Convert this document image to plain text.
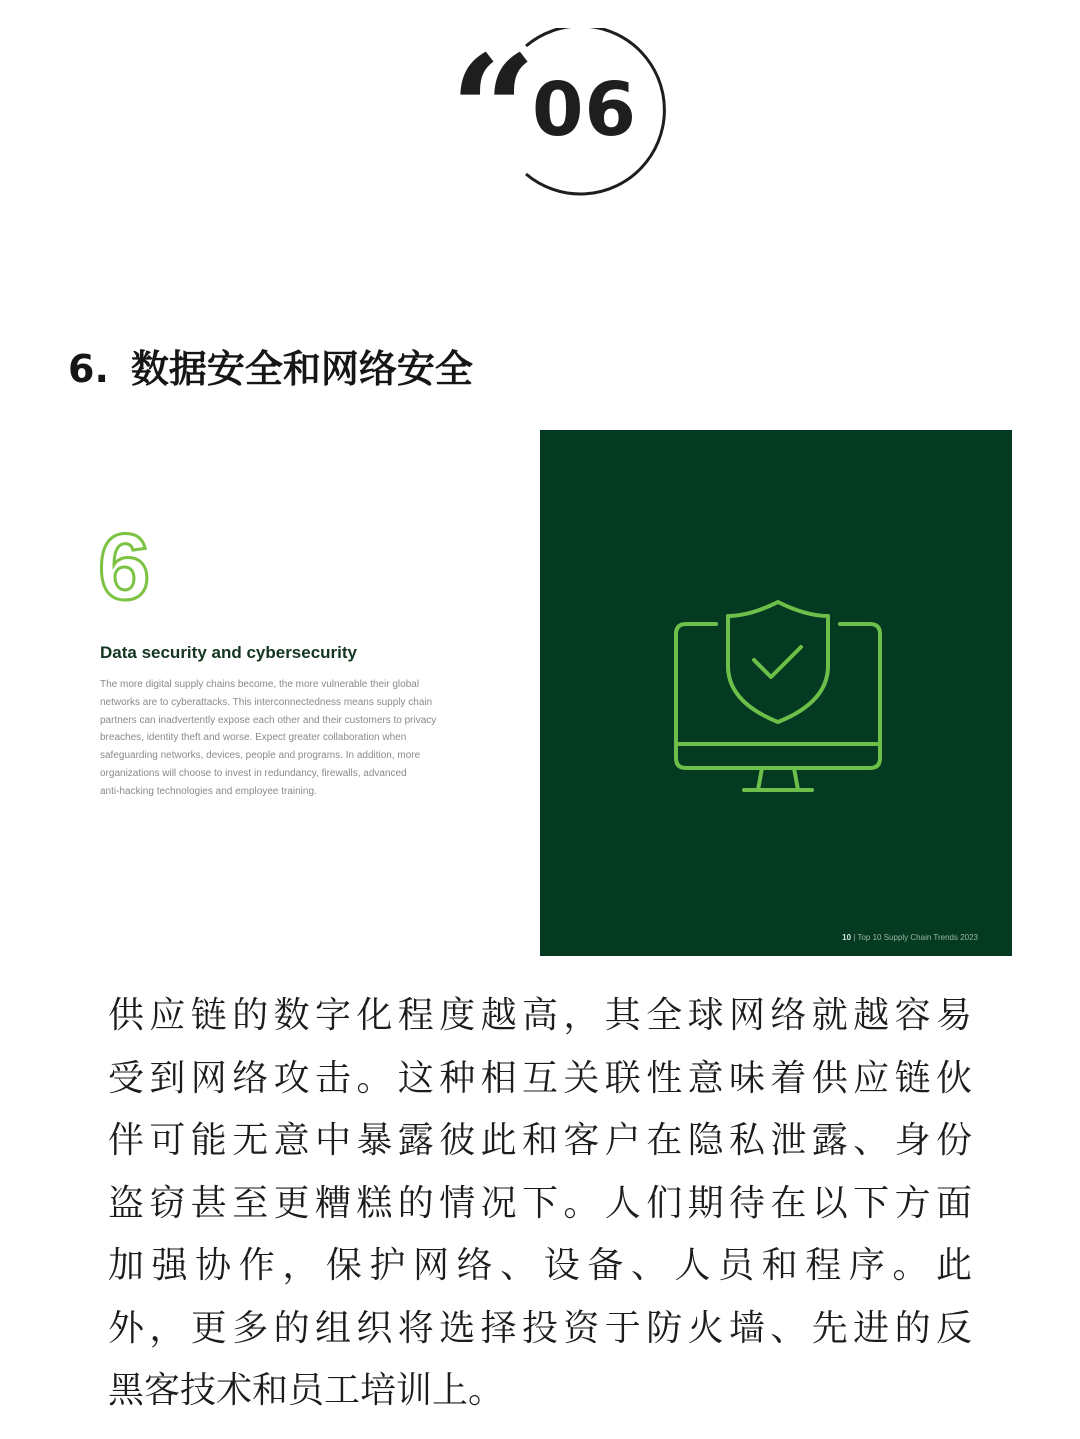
“
06
6. 数据安全和网络安全
6
Data security and cybersecurity
The more digital supply chains become, the more vulnerable their global
networks are to cyberattacks. This interconnectedness means supply chain
partners can inadvertently expose each other and their customers to privacy
breaches, identity theft and worse. Expect greater collaboration when
safeguarding networks, devices, people and programs. In addition, more
organizations will choose to invest in redundancy, firewalls, advanced
anti-hacking technologies and employee training.
10 | Top 10 Supply Chain Trends 2023
供应链的数字化程度越高，其全球网络就越容易
受到网络攻击。这种相互关联性意味着供应链伙
伴可能无意中暴露彼此和客户在隐私泄露、身份
盗窃甚至更糟糕的情况下。人们期待在以下方面
加强协作，保护网络、设备、人员和程序。此
外，更多的组织将选择投资于防火墙、先进的反
黑客技术和员工培训上。
